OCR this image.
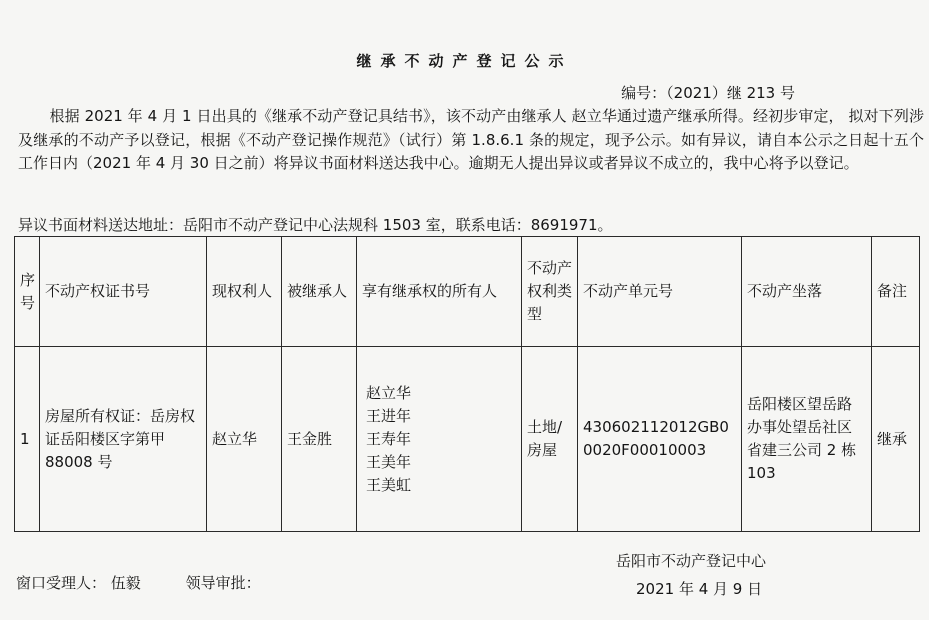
继承不动产登记公示
编号：（2021）继 213 号
根据 2021 年 4 月 1 日出具的《继承不动产登记具结书》，该不动产由继承人 赵立华通过遗产继承所得。经初步审定， 拟对下列涉及继承的不动产予以登记，根据《不动产登记操作规范》（试行）第 1.8.6.1 条的规定，现予公示。如有异议，请自本公示之日起十五个工作日内（2021 年 4 月 30 日之前）将异议书面材料送达我中心。逾期无人提出异议或者异议不成立的，我中心将予以登记。
异议书面材料送达地址：岳阳市不动产登记中心法规科 1503 室，联系电话：8691971。
序号	不动产权证书号	现权利人	被继承人	享有继承权的所有人	不动产权利类型	不动产单元号	不动产坐落	备注
1	房屋所有权证：岳房权证岳阳楼区字第甲 88008 号	赵立华	王金胜	赵立华
王进年
王寿年
王美年
王美虹	土地/房屋	430602112012GB00020F00010003	岳阳楼区望岳路办事处望岳社区省建三公司 2 栋 103	继承
岳阳市不动产登记中心
2021 年 4 月 9 日
窗口受理人： 伍毅	领导审批：
